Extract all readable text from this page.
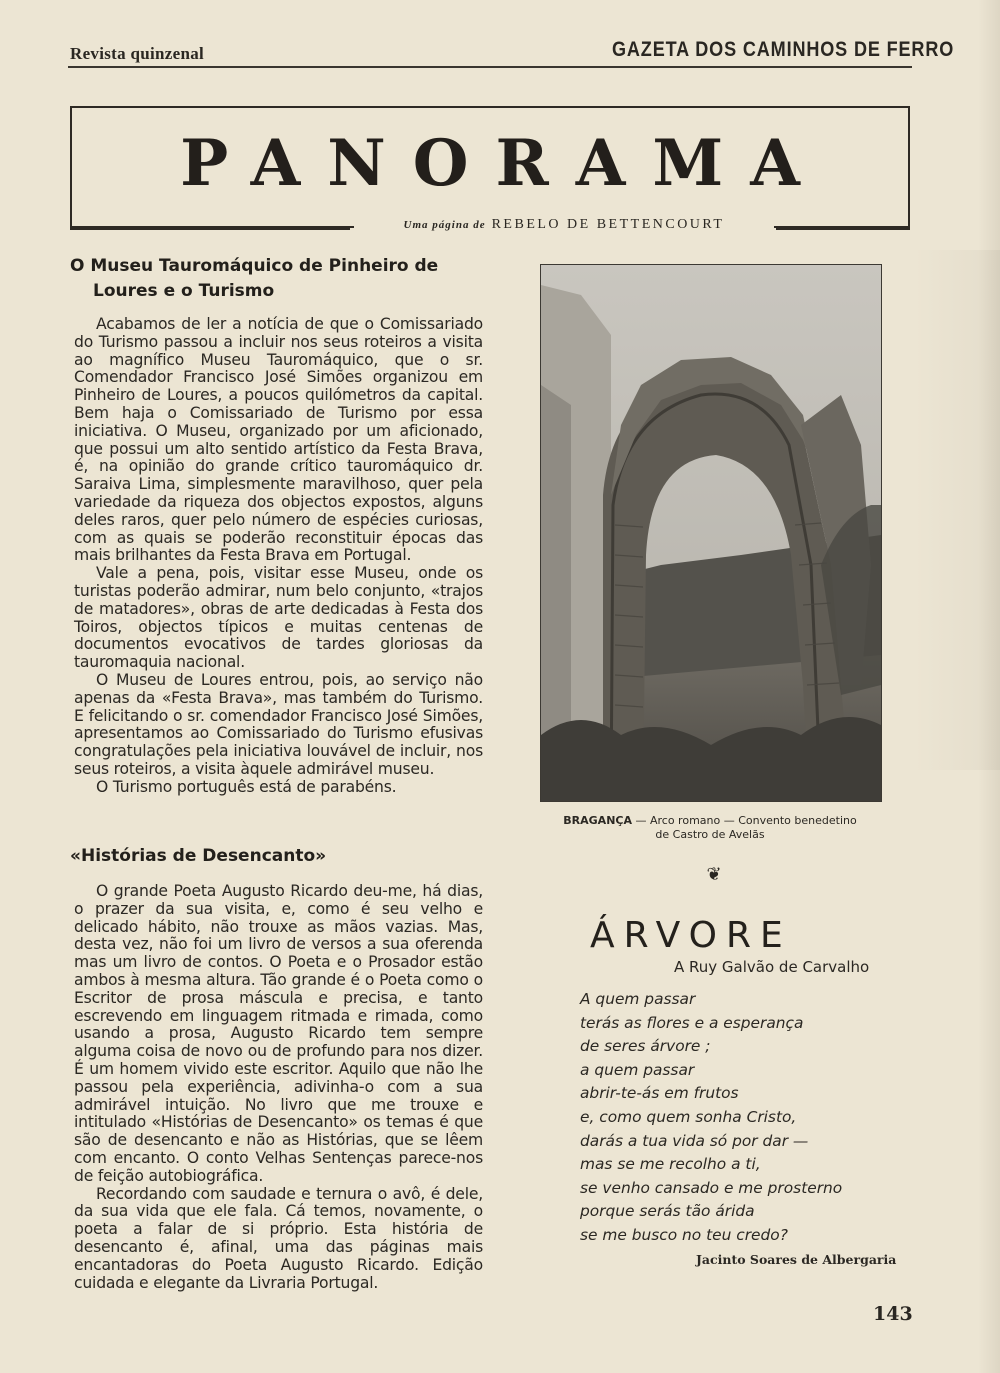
Revista quinzenal	GAZETA DOS CAMINHOS DE FERRO
PANORAMA
Uma página de REBELO DE BETTENCOURT
O Museu Tauromáquico de Pinheiro de
Loures e o Turismo

Acabamos de ler a notícia de que o Comissariado do Turismo passou a incluir nos seus roteiros a visita ao magnífico Museu Tauromáquico, que o sr. Comendador Francisco José Simões organizou em Pinheiro de Loures, a poucos quilómetros da capital. Bem haja o Comissariado de Turismo por essa iniciativa. O Museu, organizado por um aficionado, que possui um alto sentido artístico da Festa Brava, é, na opinião do grande crítico tauromáquico dr. Saraiva Lima, simplesmente maravilhoso, quer pela variedade da riqueza dos objectos expostos, alguns deles raros, quer pelo número de espécies curiosas, com as quais se poderão reconstituir épocas das mais brilhantes da Festa Brava em Portugal.

Vale a pena, pois, visitar esse Museu, onde os turistas poderão admirar, num belo conjunto, «trajos de matadores», obras de arte dedicadas à Festa dos Toiros, objectos típicos e muitas centenas de documentos evocativos de tardes gloriosas da tauromaquia nacional.

O Museu de Loures entrou, pois, ao serviço não apenas da «Festa Brava», mas também do Turismo. E felicitando o sr. comendador Francisco José Simões, apresentamos ao Comissariado do Turismo efusivas congratulações pela iniciativa louvável de incluir, nos seus roteiros, a visita àquele admirável museu.

O Turismo português está de parabéns.

«Histórias de Desencanto»

O grande Poeta Augusto Ricardo deu-me, há dias, o prazer da sua visita, e, como é seu velho e delicado hábito, não trouxe as mãos vazias. Mas, desta vez, não foi um livro de versos a sua oferenda mas um livro de contos. O Poeta e o Prosador estão ambos à mesma altura. Tão grande é o Poeta como o Escritor de prosa máscula e precisa, e tanto escrevendo em linguagem ritmada e rimada, como usando a prosa, Augusto Ricardo tem sempre alguma coisa de novo ou de profundo para nos dizer. É um homem vivido este escritor. Aquilo que não lhe passou pela experiência, adivinha-o com a sua admirável intuição. No livro que me trouxe e intitulado «Histórias de Desencanto» os temas é que são de desencanto e não as Histórias, que se lêem com encanto. O conto Velhas Sentenças parece-nos de feição autobiográfica.

Recordando com saudade e ternura o avô, é dele, da sua vida que ele fala. Cá temos, novamente, o poeta a falar de si próprio. Esta história de desencanto é, afinal, uma das páginas mais encantadoras do Poeta Augusto Ricardo. Edição cuidada e elegante da Livraria Portugal.

BRAGANÇA — Arco romano — Convento benedetino
de Castro de Avelãs
❦
ÁRVORE
A Ruy Galvão de Carvalho
A quem passar
terás as flores e a esperança
de seres árvore ;
a quem passar
abrir-te-ás em frutos
e, como quem sonha Cristo,
darás a tua vida só por dar —
mas se me recolho a ti,
se venho cansado e me prosterno
porque serás tão árida
se me busco no teu credo?
Jacinto Soares de Albergaria
143
